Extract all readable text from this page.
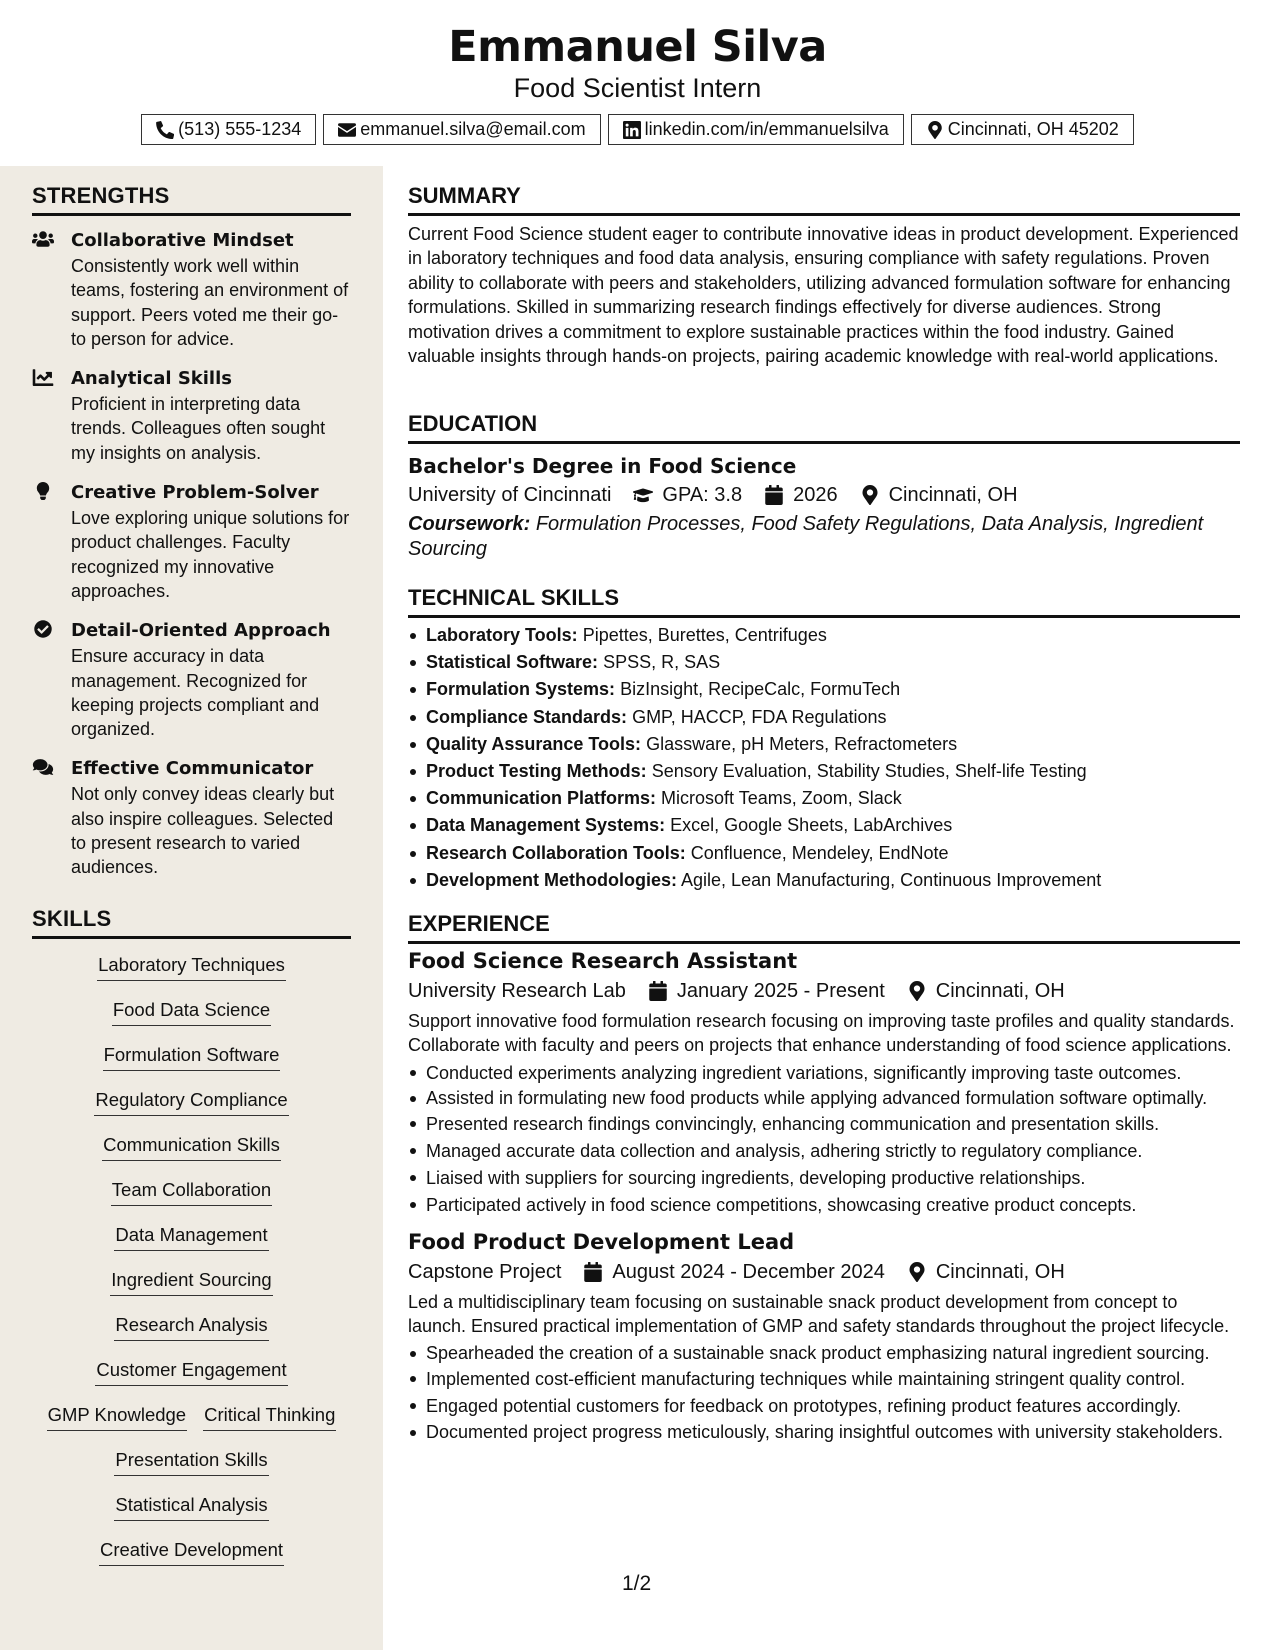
Emmanuel Silva
Food Scientist Intern
(513) 555-1234	emmanuel.silva@email.com	linkedin.com/in/emmanuelsilva	Cincinnati, OH 45202
STRENGTHS
Collaborative Mindset
Consistently work well within teams, fostering an environment of support. Peers voted me their go-to person for advice.
Analytical Skills
Proficient in interpreting data trends. Colleagues often sought my insights on analysis.
Creative Problem-Solver
Love exploring unique solutions for product challenges. Faculty recognized my innovative approaches.
Detail-Oriented Approach
Ensure accuracy in data management. Recognized for keeping projects compliant and organized.
Effective Communicator
Not only convey ideas clearly but also inspire colleagues. Selected to present research to varied audiences.
SKILLS
Laboratory Techniques
Food Data Science
Formulation Software
Regulatory Compliance
Communication Skills
Team Collaboration
Data Management
Ingredient Sourcing
Research Analysis
Customer Engagement
GMP Knowledge Critical Thinking
Presentation Skills
Statistical Analysis
Creative Development
SUMMARY
Current Food Science student eager to contribute innovative ideas in product development. Experienced in laboratory techniques and food data analysis, ensuring compliance with safety regulations. Proven ability to collaborate with peers and stakeholders, utilizing advanced formulation software for enhancing formulations. Skilled in summarizing research findings effectively for diverse audiences. Strong motivation drives a commitment to explore sustainable practices within the food industry. Gained valuable insights through hands-on projects, pairing academic knowledge with real-world applications.
EDUCATION
Bachelor's Degree in Food Science
University of Cincinnati	GPA: 3.8	2026	Cincinnati, OH
Coursework: Formulation Processes, Food Safety Regulations, Data Analysis, Ingredient Sourcing
TECHNICAL SKILLS
Laboratory Tools: Pipettes, Burettes, Centrifuges
Statistical Software: SPSS, R, SAS
Formulation Systems: BizInsight, RecipeCalc, FormuTech
Compliance Standards: GMP, HACCP, FDA Regulations
Quality Assurance Tools: Glassware, pH Meters, Refractometers
Product Testing Methods: Sensory Evaluation, Stability Studies, Shelf-life Testing
Communication Platforms: Microsoft Teams, Zoom, Slack
Data Management Systems: Excel, Google Sheets, LabArchives
Research Collaboration Tools: Confluence, Mendeley, EndNote
Development Methodologies: Agile, Lean Manufacturing, Continuous Improvement
EXPERIENCE
Food Science Research Assistant
University Research Lab	January 2025 - Present	Cincinnati, OH
Support innovative food formulation research focusing on improving taste profiles and quality standards. Collaborate with faculty and peers on projects that enhance understanding of food science applications.
Conducted experiments analyzing ingredient variations, significantly improving taste outcomes.
Assisted in formulating new food products while applying advanced formulation software optimally.
Presented research findings convincingly, enhancing communication and presentation skills.
Managed accurate data collection and analysis, adhering strictly to regulatory compliance.
Liaised with suppliers for sourcing ingredients, developing productive relationships.
Participated actively in food science competitions, showcasing creative product concepts.
Food Product Development Lead
Capstone Project	August 2024 - December 2024	Cincinnati, OH
Led a multidisciplinary team focusing on sustainable snack product development from concept to launch. Ensured practical implementation of GMP and safety standards throughout the project lifecycle.
Spearheaded the creation of a sustainable snack product emphasizing natural ingredient sourcing.
Implemented cost-efficient manufacturing techniques while maintaining stringent quality control.
Engaged potential customers for feedback on prototypes, refining product features accordingly.
Documented project progress meticulously, sharing insightful outcomes with university stakeholders.
1/2
